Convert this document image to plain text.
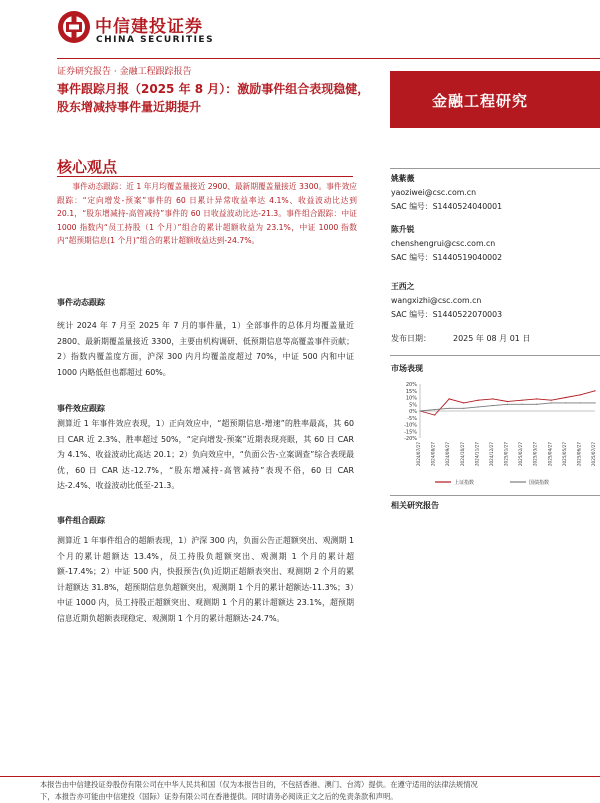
中信建投证券
CHINA SECURITIES
证券研究报告 · 金融工程跟踪报告
事件跟踪月报（2025 年 8 月）：激励事件组合表现稳健，股东增减持事件量近期提升	金融工程研究
核心观点
事件动态跟踪：近 1 年月均覆盖量接近 2900、最新期覆盖量接近 3300。事件效应跟踪：“定向增发-预案”事件的 60 日累计异常收益率达 4.1%、收益波动比达到 20.1，“股东增减持-高管减持”事件的 60 日收益波动比达-21.3。事件组合跟踪：中证 1000 指数内“员工持股（1 个月）”组合的累计超额收益为 23.1%，中证 1000 指数内“超预期信息(1 个月)”组合的累计超额收益达到-24.7%。
事件动态跟踪
统计 2024 年 7 月至 2025 年 7 月的事件量，1）全部事件的总体月均覆盖量近 2800、最新期覆盖量接近 3300，主要由机构调研、低预期信息等高覆盖事件贡献；2）指数内覆盖度方面，沪深 300 内月均覆盖度超过 70%，中证 500 内和中证 1000 内略低但也都超过 60%。
事件效应跟踪
测算近 1 年事件效应表现，1）正向效应中，“超预期信息-增速”的胜率最高，其 60 日 CAR 近 2.3%、胜率超过 50%，“定向增发-预案”近期表现亮眼，其 60 日 CAR 为 4.1%、收益波动比高达 20.1；2）负向效应中，“负面公告-立案调查”综合表现最优，60 日 CAR 达-12.7%，“股东增减持-高管减持”表现不俗，60 日 CAR 达-2.4%、收益波动比低至-21.3。
事件组合跟踪
测算近 1 年事件组合的超额表现，1）沪深 300 内，负面公告正超额突出、观测期 1 个月的累计超额达 13.4%，员工持股负超额突出、观测期 1 个月的累计超额-17.4%；2）中证 500 内，快报预告(负)近期正超额表突出、观测期 2 个月的累计超额达 31.8%，超预期信息负超额突出，观测期 1 个月的累计超额达-11.3%；3）中证 1000 内，员工持股正超额突出、观测期 1 个月的累计超额达 23.1%，超预期信息近期负超额表现稳定、观测期 1 个月的累计超额达-24.7%。
姚紫薇
yaoziwei@csc.com.cn
SAC 编号：S1440524040001
陈升锐
chenshengrui@csc.com.cn
SAC 编号：S1440519040002
王西之
wangxizhi@csc.com.cn
SAC 编号：S1440522070003
发布日期：	2025 年 08 月 01 日
市场表现
20%
15%
10%
5%
0%
-5%
-10%
-15%
-20%
2024/07/27 2024/08/27 2024/09/27 2024/10/27 2024/11/27 2024/12/27 2025/01/27 2025/02/27 2025/03/27 2025/04/27 2025/05/27 2025/06/27 2025/07/27
上证指数	国债指数
相关研究报告
本报告由中信建投证券股份有限公司在中华人民共和国（仅为本报告目的，不包括香港、澳门、台湾）提供。在遵守适用的法律法规情况
下，本报告亦可能由中信建投（国际）证券有限公司在香港提供。同时请务必阅读正文之后的免责条款和声明。
